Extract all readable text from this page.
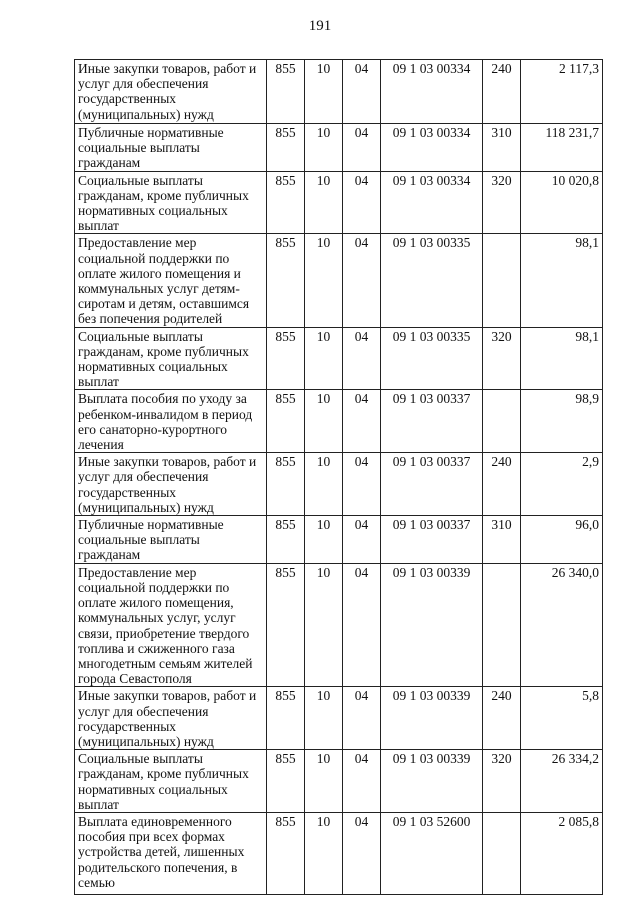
191
Иные закупки товаров, работ и услуг для обеспечения государственных (муниципальных) нужд	855	10	04	09 1 03 00334	240	2 117,3
Публичные нормативные социальные выплаты гражданам	855	10	04	09 1 03 00334	310	118 231,7
Социальные выплаты гражданам, кроме публичных нормативных социальных выплат	855	10	04	09 1 03 00334	320	10 020,8
Предоставление мер социальной поддержки по оплате жилого помещения и коммунальных услуг детям-сиротам и детям, оставшимся без попечения родителей	855	10	04	09 1 03 00335		98,1
Социальные выплаты гражданам, кроме публичных нормативных социальных выплат	855	10	04	09 1 03 00335	320	98,1
Выплата пособия по уходу за ребенком-инвалидом в период его санаторно-курортного лечения	855	10	04	09 1 03 00337		98,9
Иные закупки товаров, работ и услуг для обеспечения государственных (муниципальных) нужд	855	10	04	09 1 03 00337	240	2,9
Публичные нормативные социальные выплаты гражданам	855	10	04	09 1 03 00337	310	96,0
Предоставление мер социальной поддержки по оплате жилого помещения, коммунальных услуг, услуг связи, приобретение твердого топлива и сжиженного газа многодетным семьям жителей города Севастополя	855	10	04	09 1 03 00339		26 340,0
Иные закупки товаров, работ и услуг для обеспечения государственных (муниципальных) нужд	855	10	04	09 1 03 00339	240	5,8
Социальные выплаты гражданам, кроме публичных нормативных социальных выплат	855	10	04	09 1 03 00339	320	26 334,2
Выплата единовременного пособия при всех формах устройства детей, лишенных родительского попечения, в семью	855	10	04	09 1 03 52600		2 085,8
